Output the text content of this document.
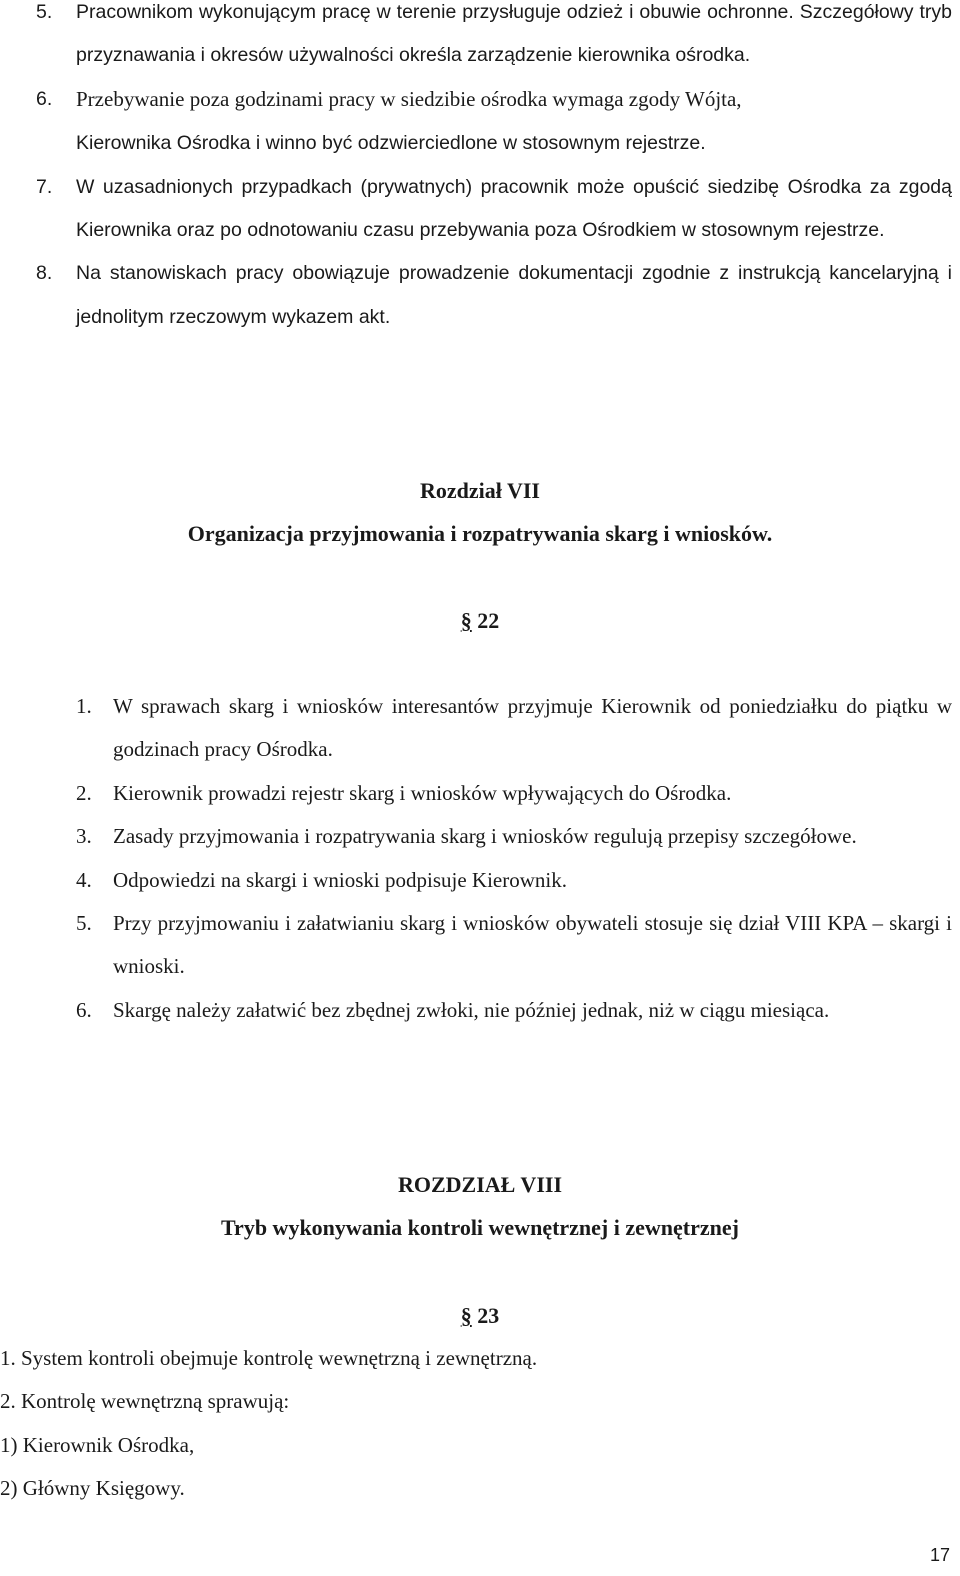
5.	Pracownikom wykonującym pracę w terenie przysługuje odzież i obuwie ochronne. Szczegółowy tryb przyznawania i okresów używalności określa zarządzenie kierownika ośrodka.
6.	Przebywanie poza godzinami pracy w siedzibie ośrodka wymaga zgody Wójta,
Kierownika Ośrodka i winno być odzwierciedlone w stosownym rejestrze.
7.	W uzasadnionych przypadkach (prywatnych) pracownik może opuścić siedzibę Ośrodka za zgodą Kierownika oraz po odnotowaniu czasu przebywania poza Ośrodkiem w stosownym rejestrze.
8.	Na stanowiskach pracy obowiązuje prowadzenie dokumentacji zgodnie z instrukcją kancelaryjną i jednolitym rzeczowym wykazem akt.
Rozdział VII
Organizacja przyjmowania i rozpatrywania skarg i wniosków.
§ 22
1.	W sprawach skarg i wniosków interesantów przyjmuje Kierownik od poniedziałku do piątku w godzinach pracy Ośrodka.
2.	Kierownik prowadzi rejestr skarg i wniosków wpływających do Ośrodka.
3.	Zasady przyjmowania i rozpatrywania skarg i wniosków regulują przepisy szczegółowe.
4.	Odpowiedzi na skargi i wnioski podpisuje Kierownik.
5.	Przy przyjmowaniu i załatwianiu skarg i wniosków obywateli stosuje się dział VIII KPA – skargi i wnioski.
6.	Skargę należy załatwić bez zbędnej zwłoki, nie później jednak, niż w ciągu miesiąca.
ROZDZIAŁ VIII
Tryb wykonywania kontroli wewnętrznej i zewnętrznej
§ 23
1. System kontroli obejmuje kontrolę wewnętrzną i zewnętrzną.
2. Kontrolę wewnętrzną sprawują:
1) Kierownik Ośrodka,
2) Główny Księgowy.
17
